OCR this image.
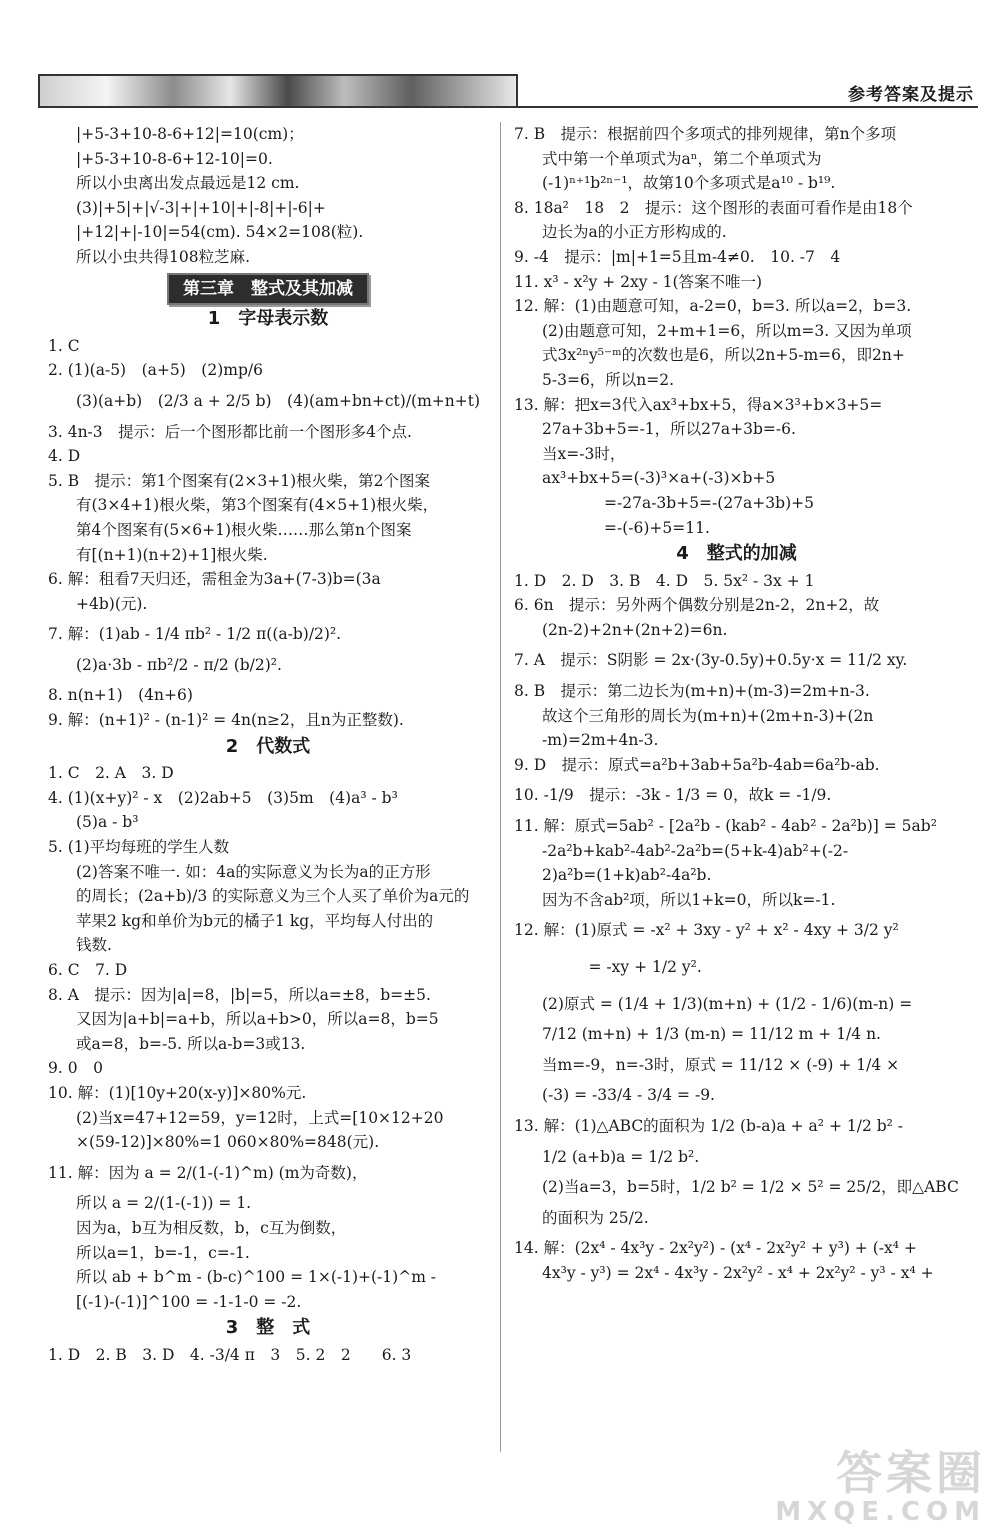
参考答案及提示
|+5-3+10-8-6+12|=10(cm)；
|+5-3+10-8-6+12-10|=0.
所以小虫离出发点最远是12 cm.
(3)|+5|+|√-3|+|+10|+|-8|+|-6|+
|+12|+|-10|=54(cm). 54×2=108(粒).
所以小虫共得108粒芝麻.
第三章　整式及其加减
1　字母表示数
1. C
2. (1)(a-5)　(a+5)　(2)mp/6
(3)(a+b)　(2/3 a + 2/5 b)　(4)(am+bn+ct)/(m+n+t)
3. 4n-3　提示：后一个图形都比前一个图形多4个点.
4. D
5. B　提示：第1个图案有(2×3+1)根火柴，第2个图案
有(3×4+1)根火柴，第3个图案有(4×5+1)根火柴，
第4个图案有(5×6+1)根火柴……那么第n个图案
有[(n+1)(n+2)+1]根火柴.
6. 解：租看7天归还，需租金为3a+(7-3)b=(3a
+4b)(元).
7. 解：(1)ab - 1/4 πb² - 1/2 π((a-b)/2)².
(2)a·3b - πb²/2 - π/2 (b/2)².
8. n(n+1)　(4n+6)
9. 解：(n+1)² - (n-1)² = 4n(n≥2，且n为正整数).
2　代数式
1. C　2. A　3. D
4. (1)(x+y)² - x　(2)2ab+5　(3)5m　(4)a³ - b³
(5)a - b³
5. (1)平均每班的学生人数
(2)答案不唯一. 如：4a的实际意义为长为a的正方形
的周长；(2a+b)/3 的实际意义为三个人买了单价为a元的
苹果2 kg和单价为b元的橘子1 kg，平均每人付出的
钱数.
6. C　7. D
8. A　提示：因为|a|=8，|b|=5，所以a=±8，b=±5.
又因为|a+b|=a+b，所以a+b>0，所以a=8，b=5
或a=8，b=-5. 所以a-b=3或13.
9. 0　0
10. 解：(1)[10y+20(x-y)]×80%元.
(2)当x=47+12=59，y=12时，上式=[10×12+20
×(59-12)]×80%=1 060×80%=848(元).
11. 解：因为 a = 2/(1-(-1)^m) (m为奇数)，
所以 a = 2/(1-(-1)) = 1.
因为a，b互为相反数，b，c互为倒数，
所以a=1，b=-1，c=-1.
所以 ab + b^m - (b-c)^100 = 1×(-1)+(-1)^m -
[(-1)-(-1)]^100 = -1-1-0 = -2.
3　整　式
1. D　2. B　3. D　4. -3/4 π　3　5. 2　2　　6. 3
7. B　提示：根据前四个多项式的排列规律，第n个多项
式中第一个单项式为aⁿ，第二个单项式为
(-1)ⁿ⁺¹b²ⁿ⁻¹，故第10个多项式是a¹⁰ - b¹⁹.
8. 18a²　18　2　提示：这个图形的表面可看作是由18个
边长为a的小正方形构成的.
9. -4　提示：|m|+1=5且m-4≠0.　10. -7　4
11. x³ - x²y + 2xy - 1(答案不唯一)
12. 解：(1)由题意可知，a-2=0，b=3. 所以a=2，b=3.
(2)由题意可知，2+m+1=6，所以m=3. 又因为单项
式3x²ⁿy⁵⁻ᵐ的次数也是6，所以2n+5-m=6，即2n+
5-3=6，所以n=2.
13. 解：把x=3代入ax³+bx+5，得a×3³+b×3+5=
27a+3b+5=-1，所以27a+3b=-6.
当x=-3时，
ax³+bx+5=(-3)³×a+(-3)×b+5
　　　　=-27a-3b+5=-(27a+3b)+5
　　　　=-(-6)+5=11.
4　整式的加减
1. D　2. D　3. B　4. D　5. 5x² - 3x + 1
6. 6n　提示：另外两个偶数分别是2n-2，2n+2，故
(2n-2)+2n+(2n+2)=6n.
7. A　提示：S阴影 = 2x·(3y-0.5y)+0.5y·x = 11/2 xy.
8. B　提示：第二边长为(m+n)+(m-3)=2m+n-3.
故这个三角形的周长为(m+n)+(2m+n-3)+(2n
-m)=2m+4n-3.
9. D　提示：原式=a²b+3ab+5a²b-4ab=6a²b-ab.
10. -1/9　提示：-3k - 1/3 = 0，故k = -1/9.
11. 解：原式=5ab² - [2a²b - (kab² - 4ab² - 2a²b)] = 5ab²
-2a²b+kab²-4ab²-2a²b=(5+k-4)ab²+(-2-
2)a²b=(1+k)ab²-4a²b.
因为不含ab²项，所以1+k=0，所以k=-1.
12. 解：(1)原式 = -x² + 3xy - y² + x² - 4xy + 3/2 y²
　　　= -xy + 1/2 y².
(2)原式 = (1/4 + 1/3)(m+n) + (1/2 - 1/6)(m-n) =
7/12 (m+n) + 1/3 (m-n) = 11/12 m + 1/4 n.
当m=-9，n=-3时，原式 = 11/12 × (-9) + 1/4 ×
(-3) = -33/4 - 3/4 = -9.
13. 解：(1)△ABC的面积为 1/2 (b-a)a + a² + 1/2 b² -
1/2 (a+b)a = 1/2 b².
(2)当a=3，b=5时，1/2 b² = 1/2 × 5² = 25/2，即△ABC
的面积为 25/2.
14. 解：(2x⁴ - 4x³y - 2x²y²) - (x⁴ - 2x²y² + y³) + (-x⁴ +
4x³y - y³) = 2x⁴ - 4x³y - 2x²y² - x⁴ + 2x²y² - y³ - x⁴ +
答案圈
MXQE.COM
